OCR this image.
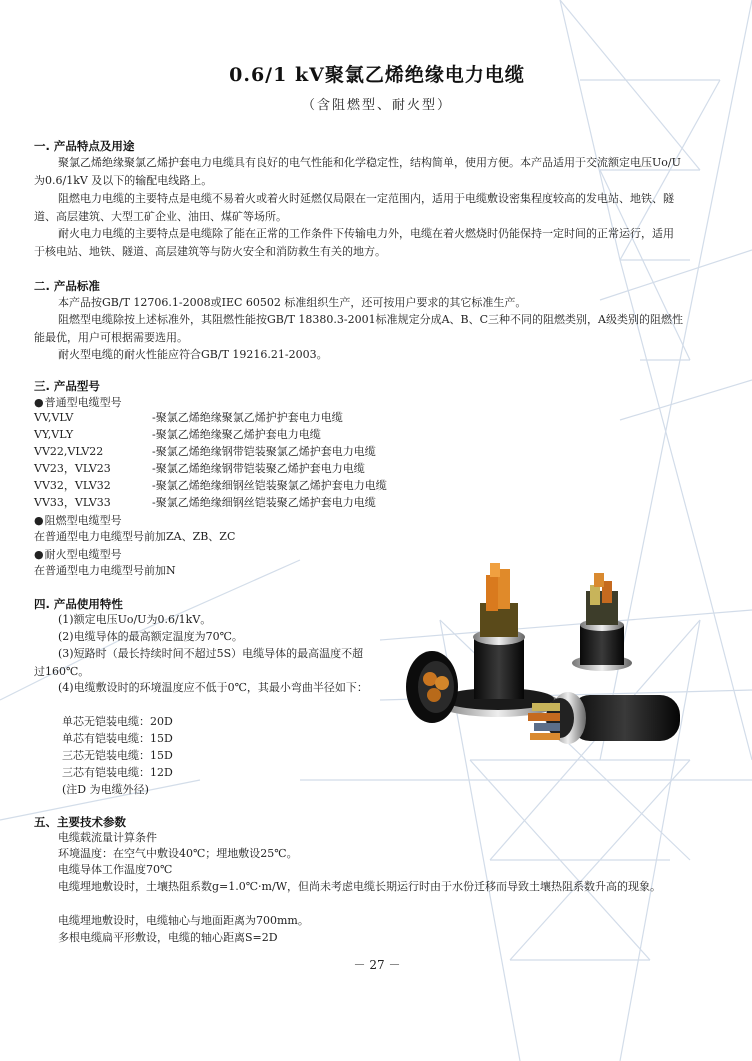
0.6/1 kV聚氯乙烯绝缘电力电缆
（含阻燃型、耐火型）
一. 产品特点及用途
聚氯乙烯绝缘聚氯乙烯护套电力电缆具有良好的电气性能和化学稳定性，结构简单，使用方便。本产品适用于交流额定电压Uo/U为0.6/1kV 及以下的输配电线路上。
阻燃电力电缆的主要特点是电缆不易着火或着火时延燃仅局限在一定范围内，适用于电缆敷设密集程度较高的发电站、地铁、隧道、高层建筑、大型工矿企业、油田、煤矿等场所。
耐火电力电缆的主要特点是电缆除了能在正常的工作条件下传输电力外，电缆在着火燃烧时仍能保持一定时间的正常运行，适用于核电站、地铁、隧道、高层建筑等与防火安全和消防救生有关的地方。
二. 产品标准
本产品按GB/T 12706.1-2008或IEC 60502 标准组织生产，还可按用户要求的其它标准生产。
阻燃型电缆除按上述标准外，其阻燃性能按GB/T 18380.3-2001标准规定分成A、B、C三种不同的阻燃类别，A级类别的阻燃性能最优，用户可根据需要选用。
耐火型电缆的耐火性能应符合GB/T 19216.21-2003。
三. 产品型号
● 普通型电缆型号
VV,VLV	-聚氯乙烯绝缘聚氯乙烯护护套电力电缆
VY,VLY	-聚氯乙烯绝缘聚乙烯护套电力电缆
VV22,VLV22	-聚氯乙烯绝缘钢带铠装聚氯乙烯护套电力电缆
VV23，VLV23	-聚氯乙烯绝缘钢带铠装聚乙烯护套电力电缆
VV32，VLV32	-聚氯乙烯绝缘细钢丝铠装聚氯乙烯护套电力电缆
VV33，VLV33	-聚氯乙烯绝缘细钢丝铠装聚乙烯护套电力电缆
● 阻燃型电缆型号
在普通型电力电缆型号前加ZA、ZB、ZC
● 耐火型电缆型号
在普通型电力电缆型号前加N
四. 产品使用特性
(1)额定电压Uo/U为0.6/1kV。
(2)电缆导体的最高额定温度为70℃。
(3)短路时（最长持续时间不超过5S）电缆导体的最高温度不超过160℃。
(4)电缆敷设时的环境温度应不低于0℃，其最小弯曲半径如下：
单芯无铠装电缆：20D
单芯有铠装电缆：15D
三芯无铠装电缆：15D
三芯有铠装电缆：12D
(注D 为电缆外径)
五、主要技术参数
电缆载流量计算条件
环境温度：在空气中敷设40℃；埋地敷设25℃。
电缆导体工作温度70℃
电缆埋地敷设时，土壤热阻系数g=1.0℃·m/W，但尚未考虑电缆长期运行时由于水份迁移而导致土壤热阻系数升高的现象。
电缆埋地敷设时，电缆轴心与地面距离为700mm。
多根电缆扁平形敷设，电缆的轴心距离S=2D
－ 27 －
